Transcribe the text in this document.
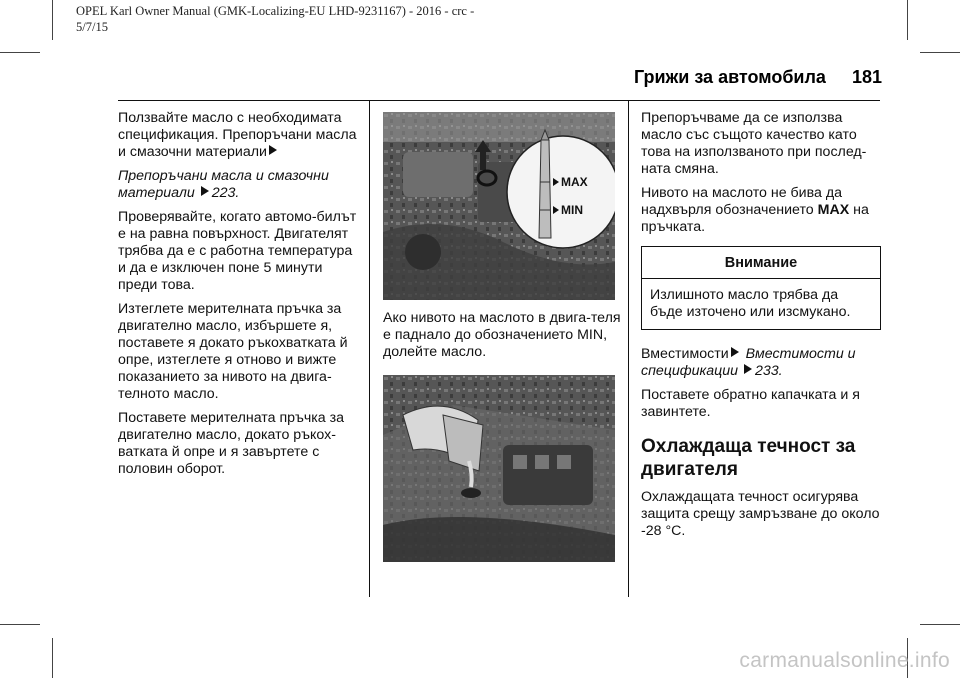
OPEL Karl Owner Manual (GMK-Localizing-EU LHD-9231167) - 2016 - crc -
5/7/15
Грижи за автомобила 181

Ползвайте масло с необходимата спецификация. Препоръчани масла и смазочни материали

Препоръчани масла и смазочни материали 223.

Проверявайте, когато автомо-билът е на равна повърхност. Двигателят трябва да е с работна температура и да е изключен поне 5 минути преди това.

Изтеглете мерителната пръчка за двигателно масло, избършете я, поставете я докато ръкохватката й опре, изтеглете я отново и вижте показанието за нивото на двига-телното масло.

Поставете мерителната пръчка за двигателно масло, докато ръкох-ватката й опре и я завъртете с половин оборот.

MAX
MIN
Ако нивото на маслото в двига-теля е паднало до обозначението MIN, долейте масло.

Препоръчваме да се използва масло със същото качество като това на използваното при послед-ната смяна.

Нивото на маслото не бива да надхвърля обозначението MAX на пръчката.

Внимание
Излишното масло трябва да бъде източено или изсмукано.

Вместимости Вместимости и спецификации 233.

Поставете обратно капачката и я завинтете.

Охлаждаща течност за двигателя

Охлаждащата течност осигурява защита срещу замръзване до около -28 °C.

carmanualsonline.info
